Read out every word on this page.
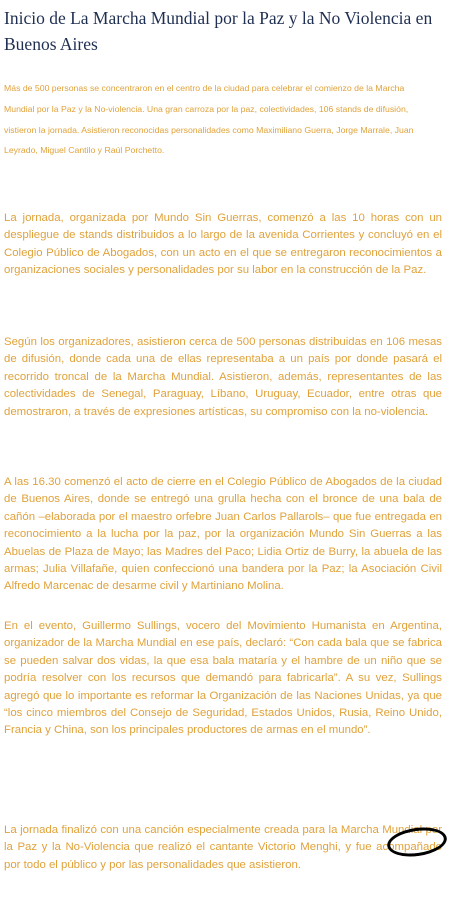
Inicio de La Marcha Mundial por la Paz y la No Violencia en Buenos Aires

Más de 500 personas se concentraron en el centro de la ciudad para celebrar el comienzo de la Marcha Mundial por la Paz y la No-violencia. Una gran carroza por la paz, colectividades, 106 stands de difusión, vistieron la jornada. Asistieron reconocidas personalidades como Maximiliano Guerra, Jorge Marrale, Juan Leyrado, Miguel Cantilo y Raúl Porchetto.

La jornada, organizada por Mundo Sin Guerras, comenzó a las 10 horas con un despliegue de stands distribuidos a lo largo de la avenida Corrientes y concluyó en el Colegio Público de Abogados, con un acto en el que se entregaron reconocimientos a organizaciones sociales y personalidades por su labor en la construcción de la Paz.

Según los organizadores, asistieron cerca de 500 personas distribuidas en 106 mesas de difusión, donde cada una de ellas representaba a un país por donde pasará el recorrido troncal de la Marcha Mundial. Asistieron, además, representantes de las colectividades de Senegal, Paraguay, Líbano, Uruguay, Ecuador, entre otras que demostraron, a través de expresiones artísticas, su compromiso con la no-violencia.

A las 16.30 comenzó el acto de cierre en el Colegio Público de Abogados de la ciudad de Buenos Aires, donde se entregó una grulla hecha con el bronce de una bala de cañón –elaborada por el maestro orfebre Juan Carlos Pallarols– que fue entregada en reconocimiento a la lucha por la paz, por la organización Mundo Sin Guerras a las Abuelas de Plaza de Mayo; las Madres del Paco; Lidia Ortiz de Burry, la abuela de las armas; Julia Villafañe, quien confeccionó una bandera por la Paz; la Asociación Civil Alfredo Marcenac de desarme civil y Martiniano Molina.

En el evento, Guillermo Sullings, vocero del Movimiento Humanista en Argentina, organizador de la Marcha Mundial en ese país, declaró: “Con cada bala que se fabrica se pueden salvar dos vidas, la que esa bala mataría y el hambre de un niño que se podría resolver con los recursos que demandó para fabricarla”. A su vez, Sullings agregó que lo importante es reformar la Organización de las Naciones Unidas, ya que “los cinco miembros del Consejo de Seguridad, Estados Unidos, Rusia, Reino Unido, Francia y China, son los principales productores de armas en el mundo”.

La jornada finalizó con una canción especialmente creada para la Marcha Mundial por la Paz y la No-Violencia que realizó el cantante Victorio Menghi, y fue acompañado por todo el público y por las personalidades que asistieron.
